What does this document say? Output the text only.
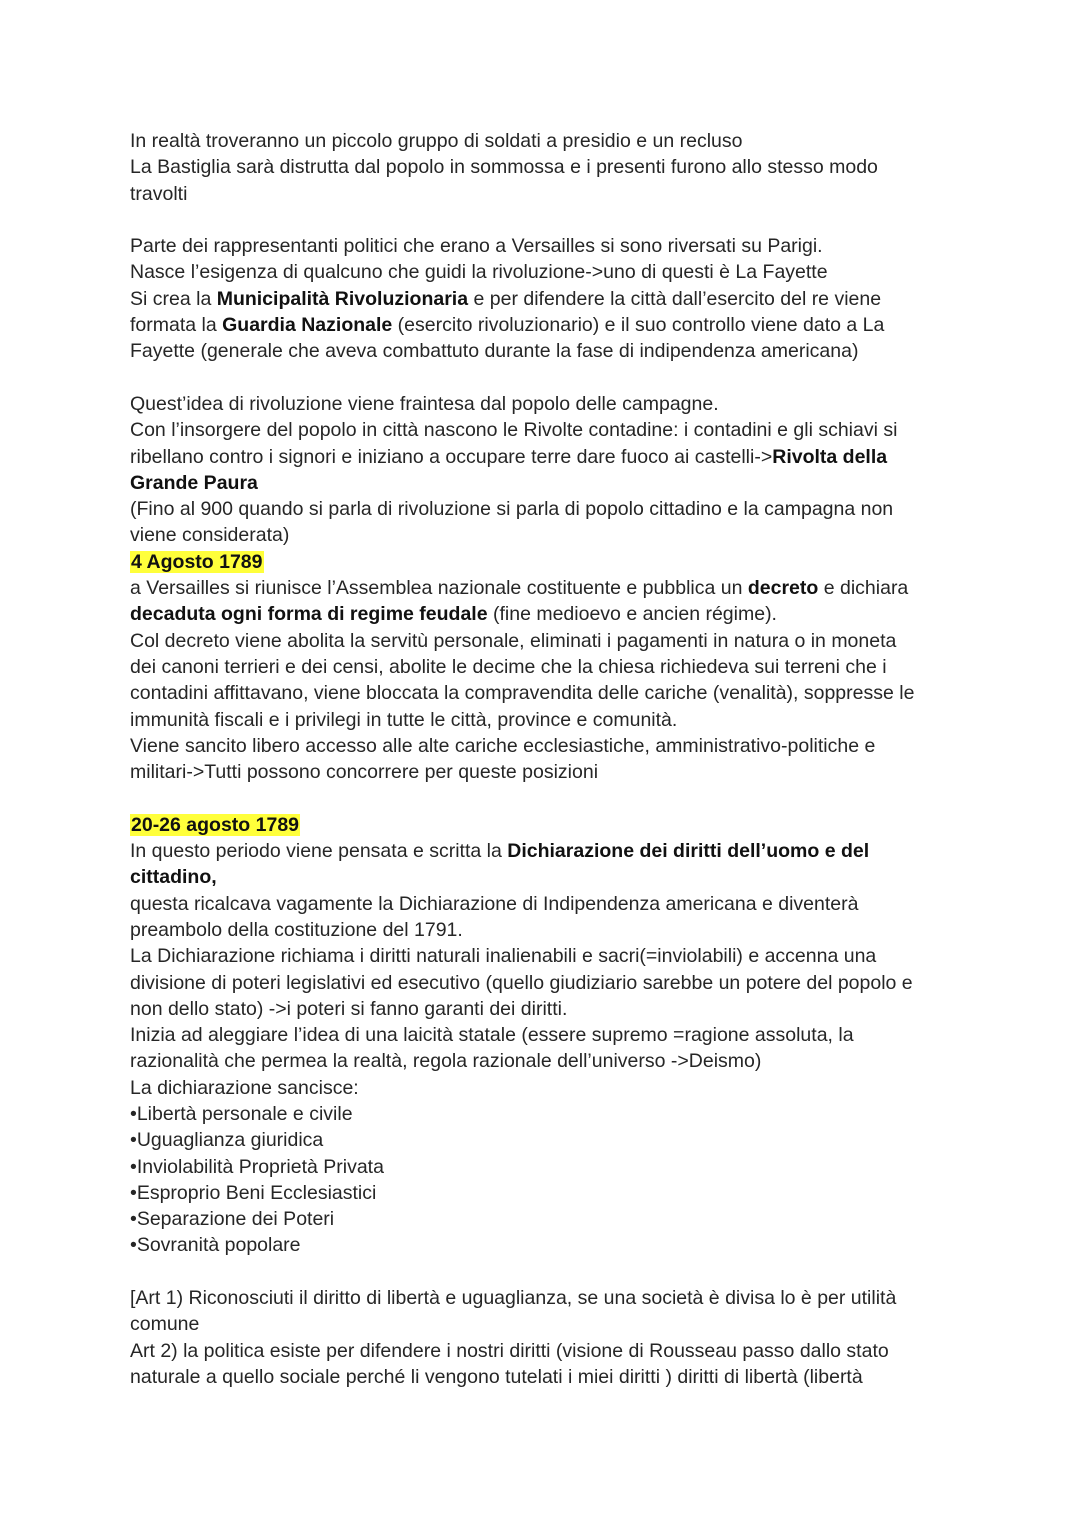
In realtà troveranno un piccolo gruppo di soldati a presidio e un recluso
La Bastiglia sarà distrutta dal popolo in sommossa e i presenti furono allo stesso modo
travolti
Parte dei rappresentanti politici che erano a Versailles si sono riversati su Parigi.
Nasce l’esigenza di qualcuno che guidi la rivoluzione->uno di questi è La Fayette
Si crea la Municipalità Rivoluzionaria e per difendere la città dall’esercito del re viene
formata la Guardia Nazionale (esercito rivoluzionario) e il suo controllo viene dato a La
Fayette (generale che aveva combattuto durante la fase di indipendenza americana)
Quest’idea di rivoluzione viene fraintesa dal popolo delle campagne.
Con l’insorgere del popolo in città nascono le Rivolte contadine: i contadini e gli schiavi si
ribellano contro i signori e iniziano a occupare terre dare fuoco ai castelli->Rivolta della
Grande Paura
(Fino al 900 quando si parla di rivoluzione si parla di popolo cittadino e la campagna non
viene considerata)
4 Agosto 1789
a Versailles si riunisce l’Assemblea nazionale costituente e pubblica un decreto e dichiara
decaduta ogni forma di regime feudale (fine medioevo e ancien régime).
Col decreto viene abolita la servitù personale, eliminati i pagamenti in natura o in moneta
dei canoni terrieri e dei censi, abolite le decime che la chiesa richiedeva sui terreni che i
contadini affittavano, viene bloccata la compravendita delle cariche (venalità), soppresse le
immunità fiscali e i privilegi in tutte le città, province e comunità.
Viene sancito libero accesso alle alte cariche ecclesiastiche, amministrativo-politiche e
militari->Tutti possono concorrere per queste posizioni
20-26 agosto 1789
In questo periodo viene pensata e scritta la Dichiarazione dei diritti dell’uomo e del
cittadino,
questa ricalcava vagamente la Dichiarazione di Indipendenza americana e diventerà
preambolo della costituzione del 1791.
La Dichiarazione richiama i diritti naturali inalienabili e sacri(=inviolabili) e accenna una
divisione di poteri legislativi ed esecutivo (quello giudiziario sarebbe un potere del popolo e
non dello stato) ->i poteri si fanno garanti dei diritti.
Inizia ad aleggiare l’idea di una laicità statale (essere supremo =ragione assoluta, la
razionalità che permea la realtà, regola razionale dell’universo ->Deismo)
La dichiarazione sancisce:
•Libertà personale e civile
•Uguaglianza giuridica
•Inviolabilità Proprietà Privata
•Esproprio Beni Ecclesiastici
•Separazione dei Poteri
•Sovranità popolare
[Art 1) Riconosciuti il diritto di libertà e uguaglianza, se una società è divisa lo è per utilità
comune
Art 2) la politica esiste per difendere i nostri diritti (visione di Rousseau passo dallo stato
naturale a quello sociale perché li vengono tutelati i miei diritti ) diritti di libertà (libertà
